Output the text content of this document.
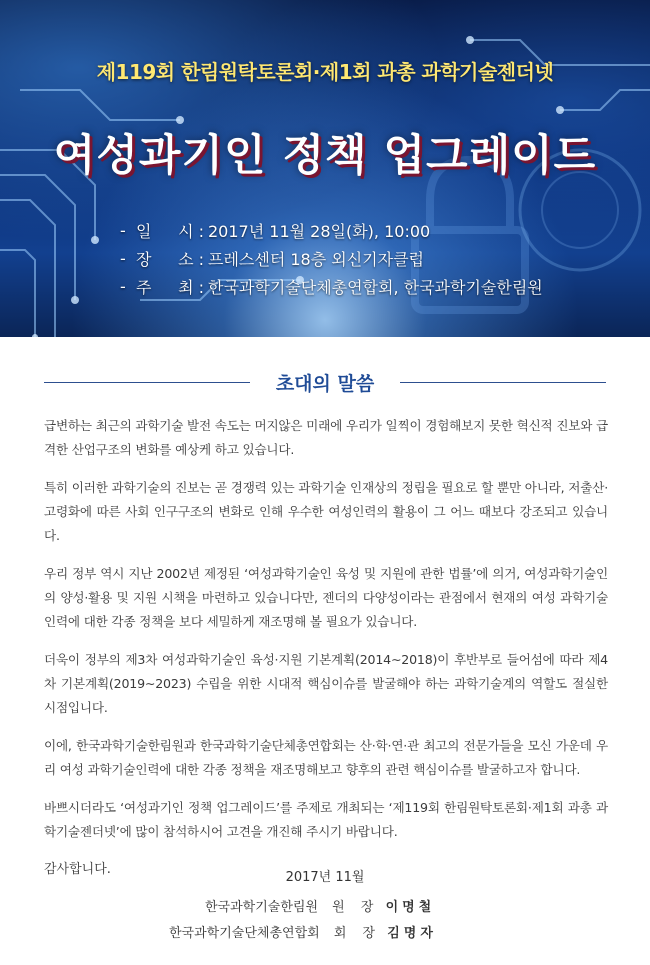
제119회 한림원탁토론회·제1회 과총 과학기술젠더넷
여성과기인 정책 업그레이드
- 일 시 : 2017년 11월 28일(화), 10:00
- 장 소 : 프레스센터 18층 외신기자클럽
- 주 최 : 한국과학기술단체총연합회, 한국과학기술한림원
초대의 말씀

급변하는 최근의 과학기술 발전 속도는 머지않은 미래에 우리가 일찍이 경험해보지 못한 혁신적 진보와 급격한 산업구조의 변화를 예상케 하고 있습니다.

특히 이러한 과학기술의 진보는 곧 경쟁력 있는 과학기술 인재상의 정립을 필요로 할 뿐만 아니라, 저출산·고령화에 따른 사회 인구구조의 변화로 인해 우수한 여성인력의 활용이 그 어느 때보다 강조되고 있습니다.

우리 정부 역시 지난 2002년 제정된 ‘여성과학기술인 육성 및 지원에 관한 법률’에 의거, 여성과학기술인의 양성·활용 및 지원 시책을 마련하고 있습니다만, 젠더의 다양성이라는 관점에서 현재의 여성 과학기술인력에 대한 각종 정책을 보다 세밀하게 재조명해 볼 필요가 있습니다.

더욱이 정부의 제3차 여성과학기술인 육성·지원 기본계획(2014∼2018)이 후반부로 들어섬에 따라 제4차 기본계획(2019∼2023) 수립을 위한 시대적 핵심이슈를 발굴해야 하는 과학기술계의 역할도 절실한 시점입니다.

이에, 한국과학기술한림원과 한국과학기술단체총연합회는 산·학·연·관 최고의 전문가들을 모신 가운데 우리 여성 과학기술인력에 대한 각종 정책을 재조명해보고 향후의 관련 핵심이슈를 발굴하고자 합니다.

바쁘시더라도 ‘여성과기인 정책 업그레이드’를 주제로 개최되는 ‘제119회 한림원탁토론회·제1회 과총 과학기술젠더넷’에 많이 참석하시어 고견을 개진해 주시기 바랍니다.

감사합니다.
2017년 11월
한국과학기술한림원 원 장 이명철
한국과학기술단체총연합회 회 장 김명자
